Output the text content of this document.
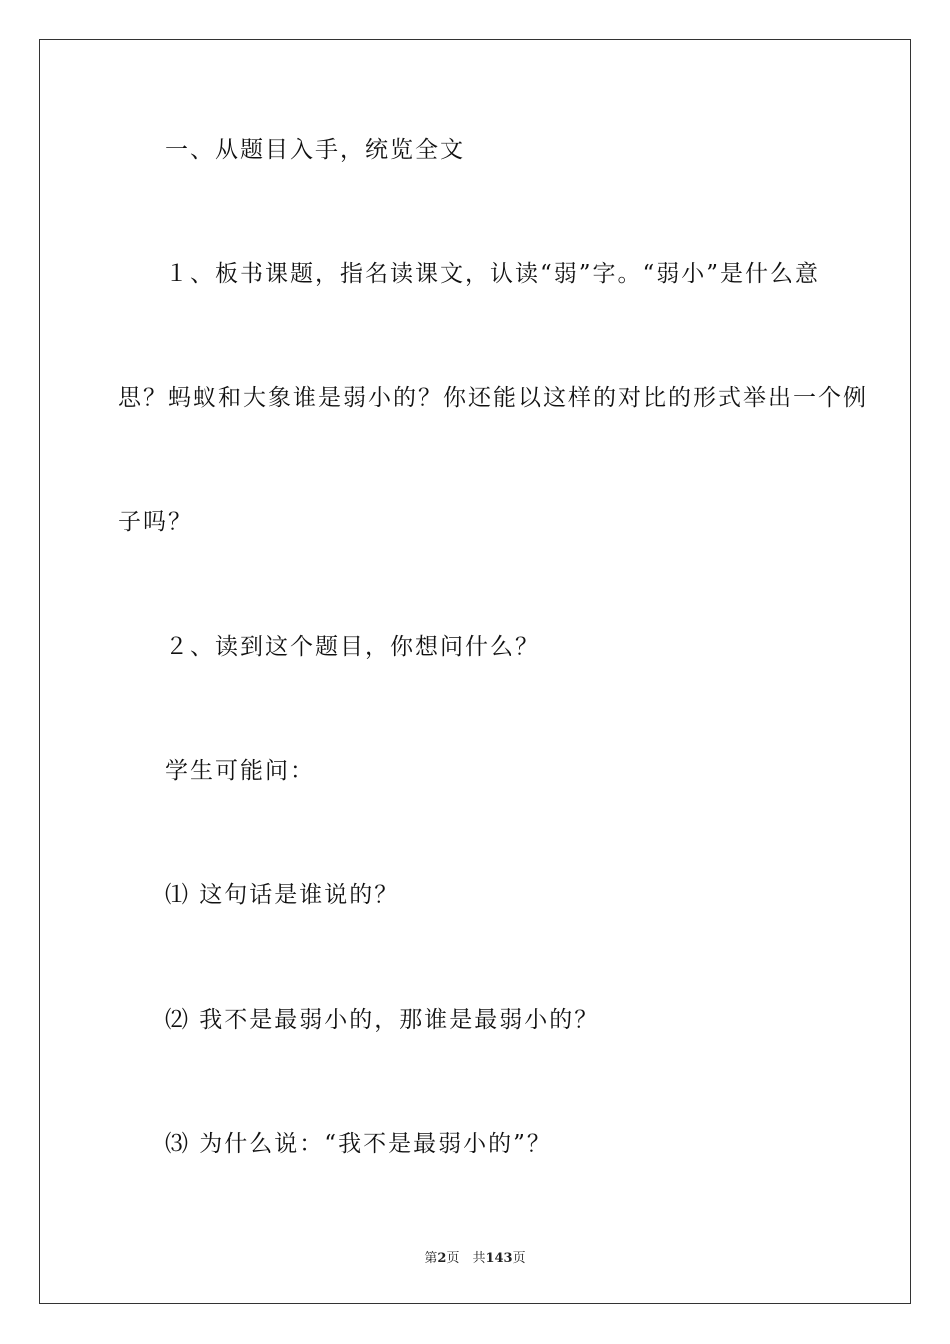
一、从题目入手，统览全文
１、板书课题，指名读课文，认读“弱”字。“弱小”是什么意
思？蚂蚁和大象谁是弱小的？你还能以这样的对比的形式举出一个例
子吗？
２、读到这个题目，你想问什么？
学生可能问：
⑴ 这句话是谁说的？
⑵ 我不是最弱小的，那谁是最弱小的？
⑶ 为什么说：“我不是最弱小的”？
第2页　共143页
